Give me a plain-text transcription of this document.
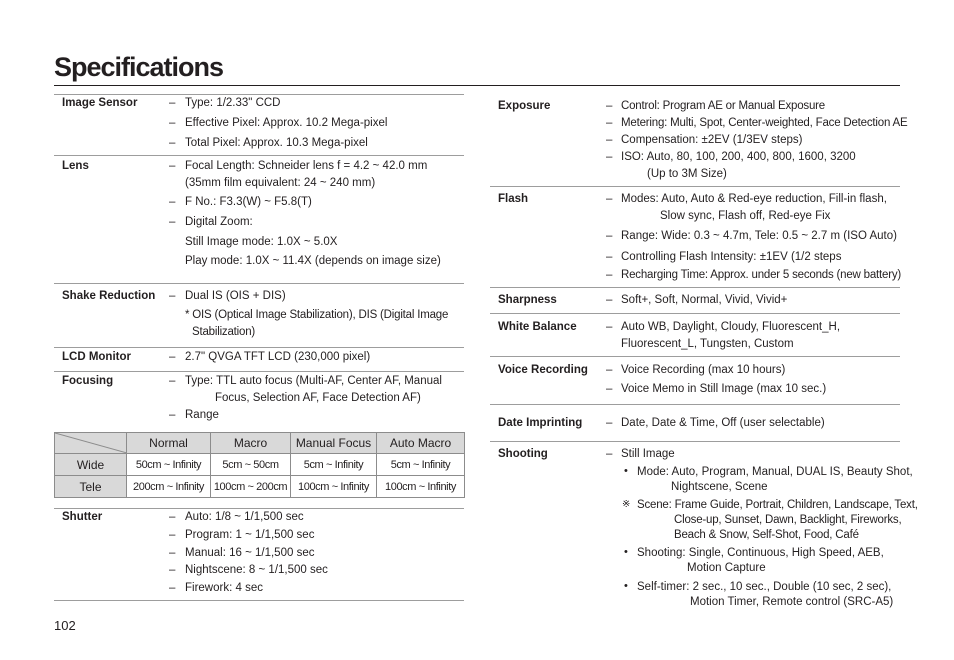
Specifications
Image Sensor	– Type: 1/2.33" CCD
– Effective Pixel: Approx. 10.2 Mega-pixel
– Total Pixel: Approx. 10.3 Mega-pixel
Lens	– Focal Length: Schneider lens f = 4.2 ~ 42.0 mm
(35mm film equivalent: 24 ~ 240 mm)
– F No.: F3.3(W) ~ F5.8(T)
– Digital Zoom:
Still Image mode: 1.0X ~ 5.0X
Play mode: 1.0X ~ 11.4X (depends on image size)
Shake Reduction – Dual IS (OIS + DIS)
* OIS (Optical Image Stabilization), DIS (Digital Image
Stabilization)
LCD Monitor	– 2.7" QVGA TFT LCD (230,000 pixel)
Focusing	– Type: TTL auto focus (Multi-AF, Center AF, Manual
Focus, Selection AF, Face Detection AF)
– Range
	Normal	Macro	Manual Focus	Auto Macro
Wide	50cm ~ Infinity	5cm ~ 50cm	5cm ~ Infinity	5cm ~ Infinity
Tele	200cm ~ Infinity	100cm ~ 200cm	100cm ~ Infinity	100cm ~ Infinity
Shutter	– Auto: 1/8 ~ 1/1,500 sec
– Program: 1 ~ 1/1,500 sec
– Manual: 16 ~ 1/1,500 sec
– Nightscene: 8 ~ 1/1,500 sec
– Firework: 4 sec
Exposure	– Control: Program AE or Manual Exposure
– Metering: Multi, Spot, Center-weighted, Face Detection AE
– Compensation: ±2EV (1/3EV steps)
– ISO: Auto, 80, 100, 200, 400, 800, 1600, 3200
(Up to 3M Size)
Flash	– Modes: Auto, Auto & Red-eye reduction, Fill-in flash,
Slow sync, Flash off, Red-eye Fix
– Range: Wide: 0.3 ~ 4.7m, Tele: 0.5 ~ 2.7 m (ISO Auto)
– Controlling Flash Intensity: ±1EV (1/2 steps
– Recharging Time: Approx. under 5 seconds (new battery)
Sharpness	– Soft+, Soft, Normal, Vivid, Vivid+
White Balance	– Auto WB, Daylight, Cloudy, Fluorescent_H,
Fluorescent_L, Tungsten, Custom
Voice Recording – Voice Recording (max 10 hours)
– Voice Memo in Still Image (max 10 sec.)
Date Imprinting – Date, Date & Time, Off (user selectable)
Shooting	– Still Image
• Mode: Auto, Program, Manual, DUAL IS, Beauty Shot,
Nightscene, Scene
※ Scene: Frame Guide, Portrait, Children, Landscape, Text,
Close-up, Sunset, Dawn, Backlight, Fireworks,
Beach & Snow, Self-Shot, Food, Café
• Shooting: Single, Continuous, High Speed, AEB,
Motion Capture
• Self-timer: 2 sec., 10 sec., Double (10 sec, 2 sec),
Motion Timer, Remote control (SRC-A5)
102
